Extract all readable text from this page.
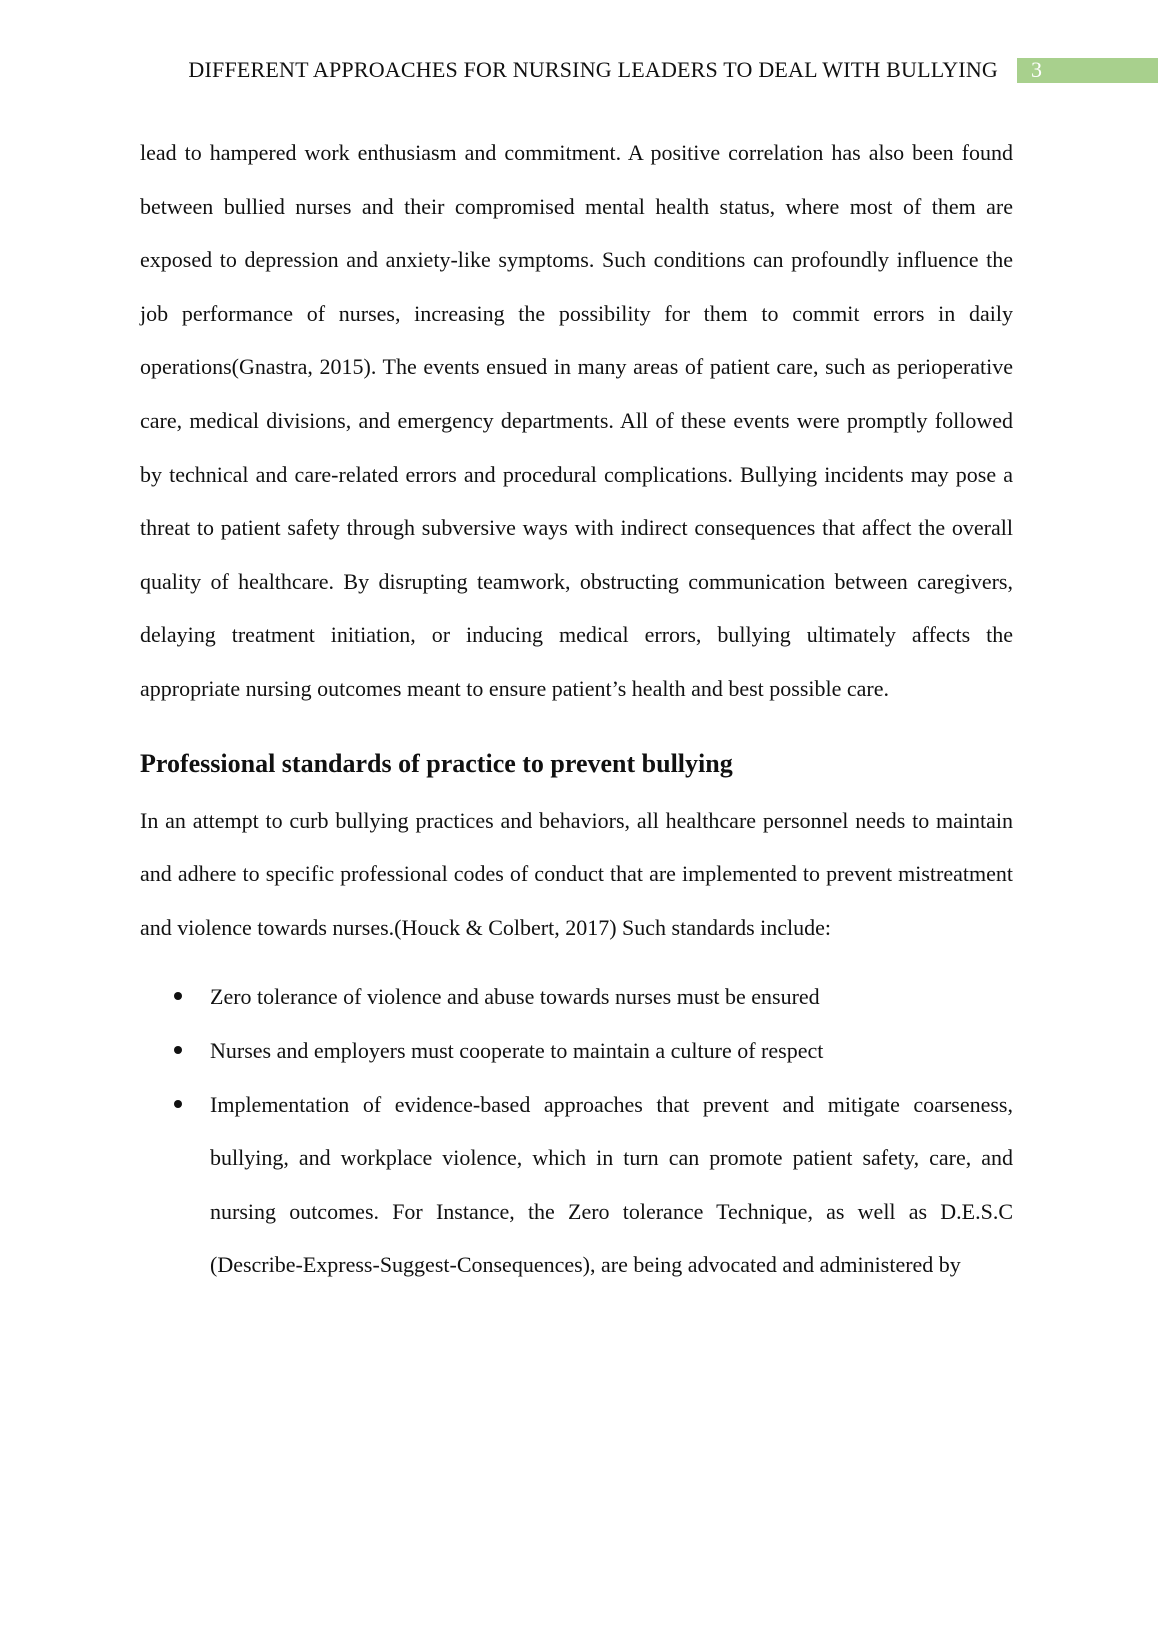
DIFFERENT APPROACHES FOR NURSING LEADERS TO DEAL WITH BULLYING 3

lead to hampered work enthusiasm and commitment. A positive correlation has also been found between bullied nurses and their compromised mental health status, where most of them are exposed to depression and anxiety-like symptoms. Such conditions can profoundly influence the job performance of nurses, increasing the possibility for them to commit errors in daily operations(Gnastra, 2015). The events ensued in many areas of patient care, such as perioperative care, medical divisions, and emergency departments. All of these events were promptly followed by technical and care-related errors and procedural complications. Bullying incidents may pose a threat to patient safety through subversive ways with indirect consequences that affect the overall quality of healthcare. By disrupting teamwork, obstructing communication between caregivers, delaying treatment initiation, or inducing medical errors, bullying ultimately affects the appropriate nursing outcomes meant to ensure patient’s health and best possible care.

Professional standards of practice to prevent bullying

In an attempt to curb bullying practices and behaviors, all healthcare personnel needs to maintain and adhere to specific professional codes of conduct that are implemented to prevent mistreatment and violence towards nurses.(Houck & Colbert, 2017) Such standards include:

Zero tolerance of violence and abuse towards nurses must be ensured
Nurses and employers must cooperate to maintain a culture of respect
Implementation of evidence-based approaches that prevent and mitigate coarseness, bullying, and workplace violence, which in turn can promote patient safety, care, and nursing outcomes. For Instance, the Zero tolerance Technique, as well as D.E.S.C (Describe-Express-Suggest-Consequences), are being advocated and administered by
